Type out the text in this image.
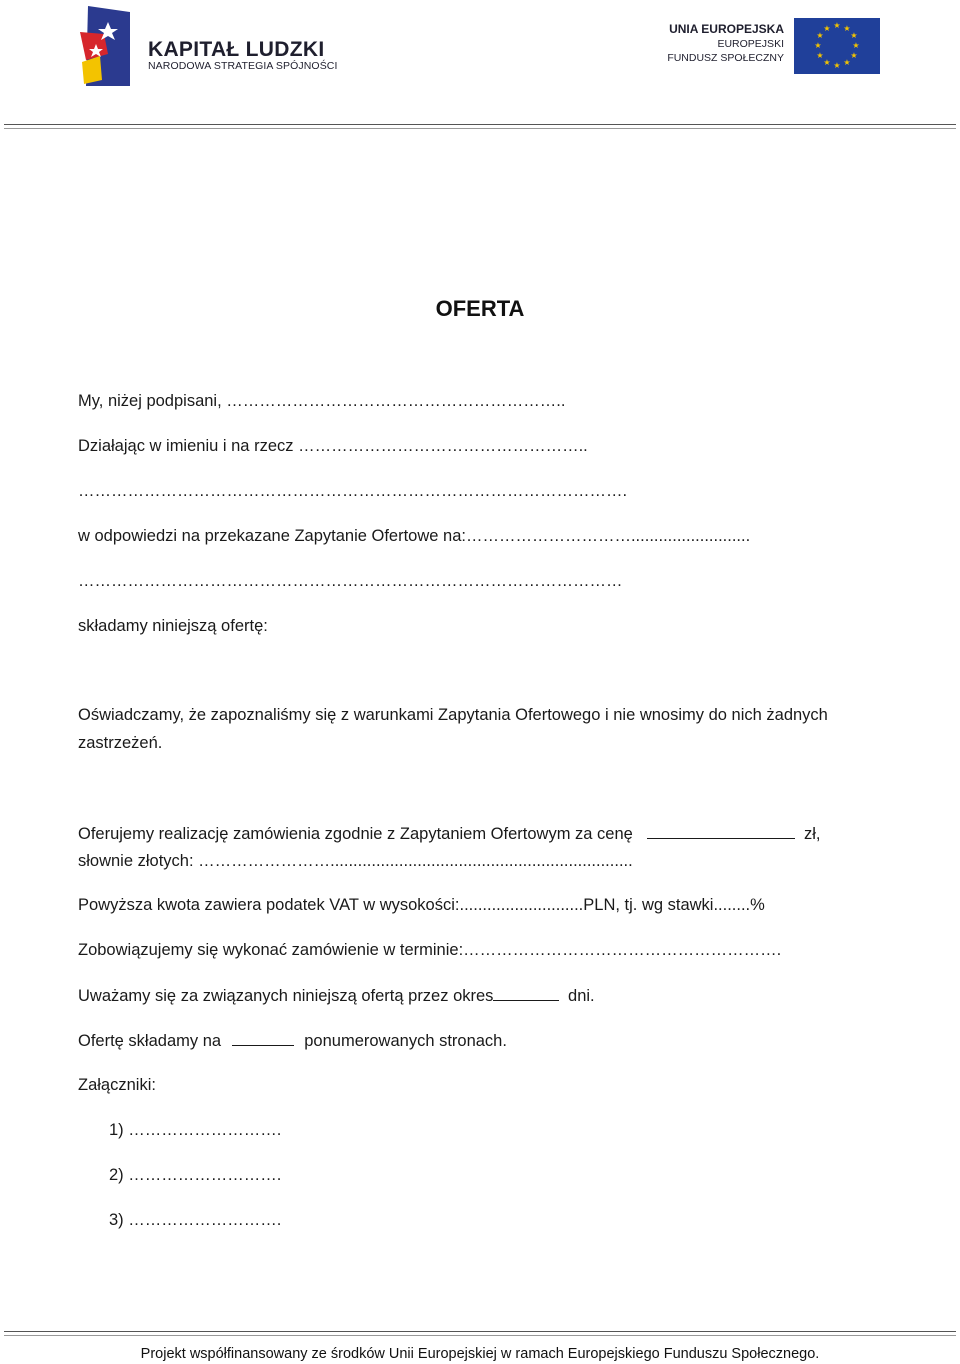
KAPITAŁ LUDZKI
NARODOWA STRATEGIA SPÓJNOŚCI
UNIA EUROPEJSKA
EUROPEJSKI
FUNDUSZ SPOŁECZNY
★ ★
★
★
★
★
★
★
★
★
★
★
OFERTA
My, niżej podpisani, ……………………………………………………..
Działając w imieniu i na rzecz ……………………………………………..
……………………………………………………………………………………….
w odpowiedzi na przekazane Zapytanie Ofertowe na:…………………………..........................
………………………………………………………………………………………
składamy niniejszą ofertę:
Oświadczamy, że zapoznaliśmy się z warunkami Zapytania Ofertowego i nie wnosimy do nich żadnych
zastrzeżeń.
Oferujemy realizację zamówienia zgodnie z Zapytaniem Ofertowym za cenę	zł,
słownie złotych: ……………………..................................................................
Powyższa kwota zawiera podatek VAT w wysokości:...........................PLN, tj. wg stawki........%
Zobowiązujemy się wykonać zamówienie w terminie:………………………………………………….
Uważamy się za związanych niniejszą ofertą przez okres	dni.
Ofertę składamy na	ponumerowanych stronach.
Załączniki:
1) ……………………….
2) ……………………….
3) ……………………….
Projekt współfinansowany ze środków Unii Europejskiej w ramach Europejskiego Funduszu Społecznego.
